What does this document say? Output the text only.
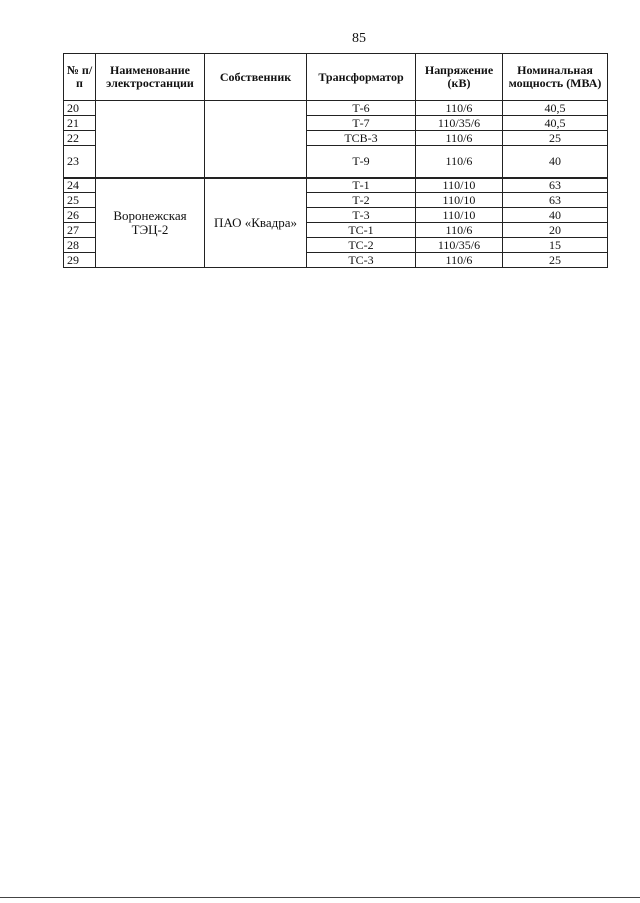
85
№ п/п	Наименование электростанции	Собственник	Трансформатор	Напряжение (кВ)	Номинальная мощность (МВА)
20			Т-6	110/6	40,5
21			Т-7	110/35/6	40,5
22			ТСВ-3	110/6	25
23			Т-9	110/6	40
24	Воронежская ТЭЦ-2	ПАО «Квадра»	Т-1	110/10	63
25			Т-2	110/10	63
26			Т-3	110/10	40
27			ТС-1	110/6	20
28			ТС-2	110/35/6	15
29			ТС-3	110/6	25
